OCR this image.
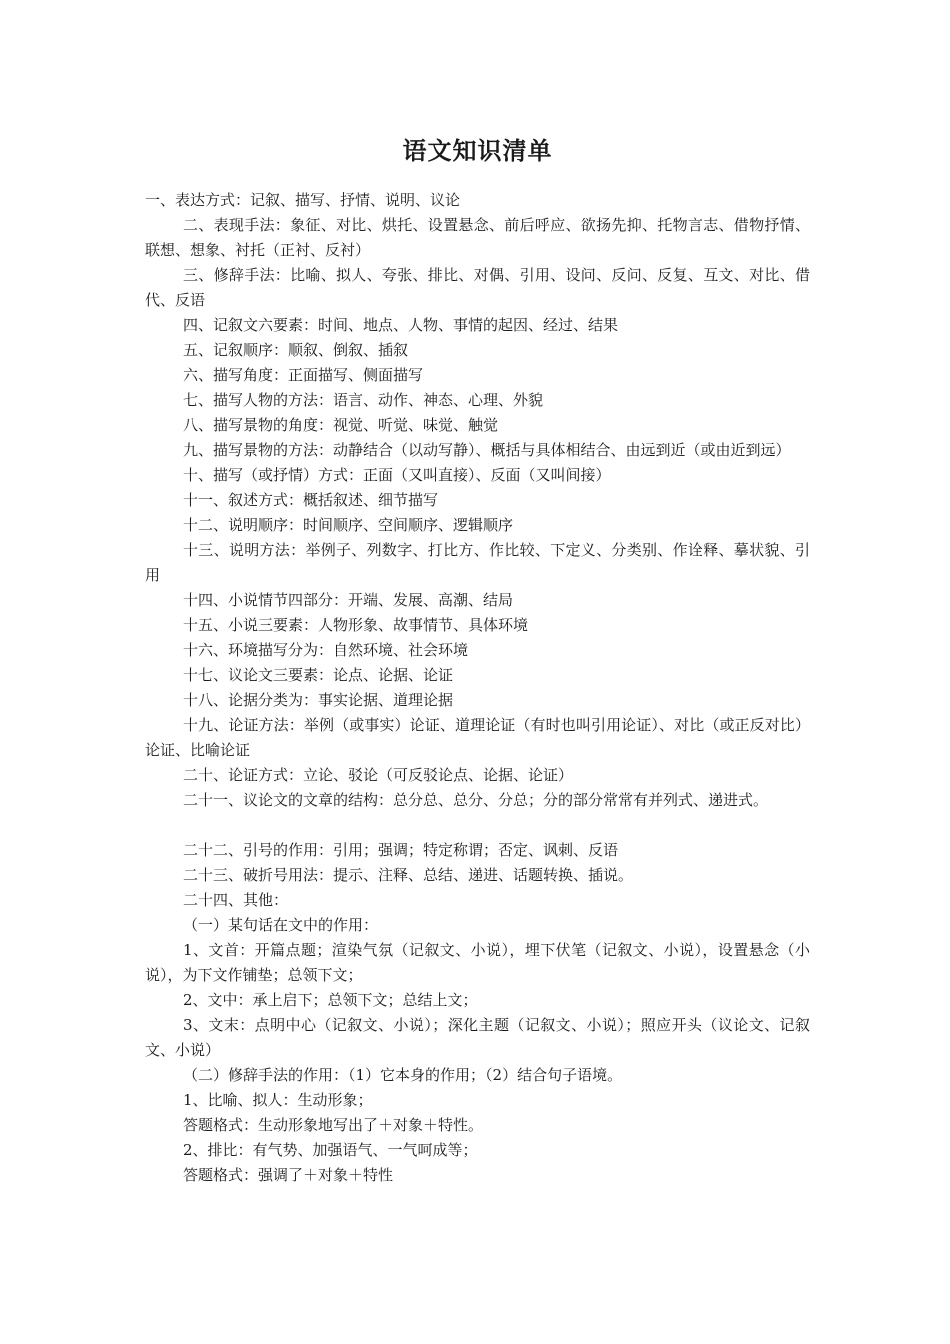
语文知识清单

一、表达方式：记叙、描写、抒情、说明、议论

二、表现手法：象征、对比、烘托、设置悬念、前后呼应、欲扬先抑、托物言志、借物抒情、联想、想象、衬托（正衬、反衬）

三、修辞手法：比喻、拟人、夸张、排比、对偶、引用、设问、反问、反复、互文、对比、借代、反语

四、记叙文六要素：时间、地点、人物、事情的起因、经过、结果

五、记叙顺序：顺叙、倒叙、插叙

六、描写角度：正面描写、侧面描写

七、描写人物的方法：语言、动作、神态、心理、外貌

八、描写景物的角度：视觉、听觉、味觉、触觉

九、描写景物的方法：动静结合（以动写静）、概括与具体相结合、由远到近（或由近到远）

十、描写（或抒情）方式：正面（又叫直接）、反面（又叫间接）

十一、叙述方式：概括叙述、细节描写

十二、说明顺序：时间顺序、空间顺序、逻辑顺序

十三、说明方法：举例子、列数字、打比方、作比较、下定义、分类别、作诠释、摹状貌、引用

十四、小说情节四部分：开端、发展、高潮、结局

十五、小说三要素：人物形象、故事情节、具体环境

十六、环境描写分为：自然环境、社会环境

十七、议论文三要素：论点、论据、论证

十八、论据分类为：事实论据、道理论据

十九、论证方法：举例（或事实）论证、道理论证（有时也叫引用论证）、对比（或正反对比）论证、比喻论证

二十、论证方式：立论、驳论（可反驳论点、论据、论证）

二十一、议论文的文章的结构：总分总、总分、分总；分的部分常常有并列式、递进式。

二十二、引号的作用：引用；强调；特定称谓；否定、讽刺、反语

二十三、破折号用法：提示、注释、总结、递进、话题转换、插说。

二十四、其他：

（一）某句话在文中的作用：

1、文首：开篇点题；渲染气氛（记叙文、小说），埋下伏笔（记叙文、小说），设置悬念（小说），为下文作铺垫；总领下文；

2、文中：承上启下；总领下文；总结上文；

3、文末：点明中心（记叙文、小说）；深化主题（记叙文、小说）；照应开头（议论文、记叙文、小说）

（二）修辞手法的作用：（1）它本身的作用；（2）结合句子语境。

1、比喻、拟人：生动形象；

答题格式：生动形象地写出了＋对象＋特性。

2、排比：有气势、加强语气、一气呵成等；

答题格式：强调了＋对象＋特性
